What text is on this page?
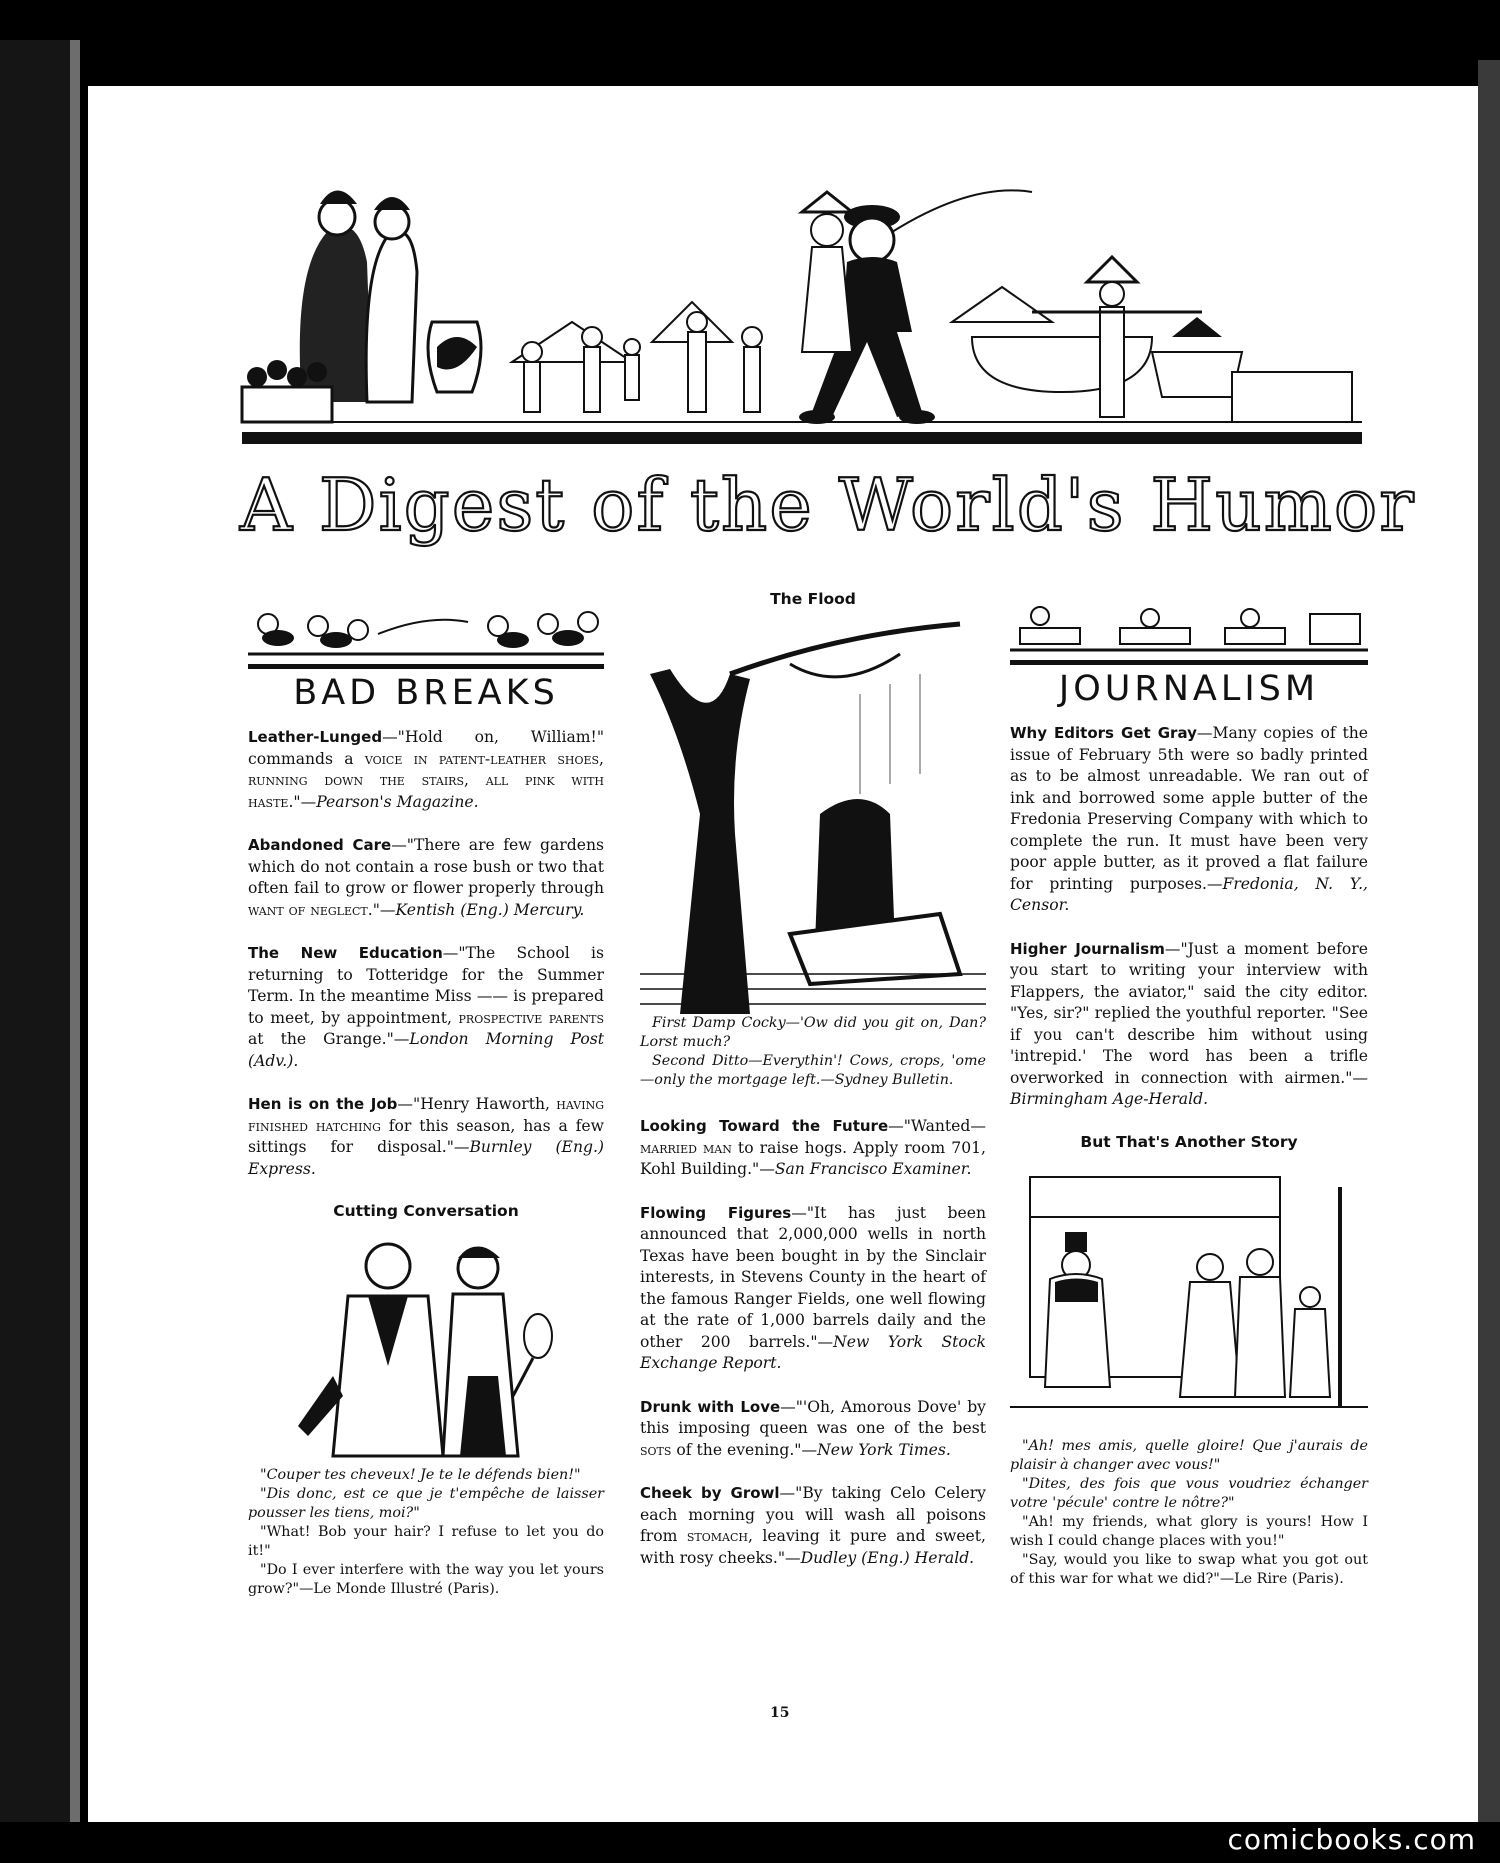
A Digest of the World's Humor
BAD BREAKS

Leather-Lunged—"Hold on, William!" commands a voice in patent-leather shoes, running down the stairs, all pink with haste."—Pearson's Magazine.

Abandoned Care—"There are few gardens which do not contain a rose bush or two that often fail to grow or flower properly through want of neglect."—Kentish (Eng.) Mercury.

The New Education—"The School is returning to Totteridge for the Summer Term. In the meantime Miss —— is prepared to meet, by appointment, prospective parents at the Grange."—London Morning Post (Adv.).

Hen is on the Job—"Henry Haworth, having finished hatching for this season, has a few sittings for disposal."—Burnley (Eng.) Express.

Cutting Conversation

"Couper tes cheveux! Je te le défends bien!"

"Dis donc, est ce que je t'empêche de laisser pousser les tiens, moi?"

"What! Bob your hair? I refuse to let you do it!"

"Do I ever interfere with the way you let yours grow?"—Le Monde Illustré (Paris).

The Flood

First Damp Cocky—'Ow did you git on, Dan? Lorst much?

Second Ditto—Everythin'! Cows, crops, 'ome—only the mortgage left.—Sydney Bulletin.

Looking Toward the Future—"Wanted—married man to raise hogs. Apply room 701, Kohl Building."—San Francisco Examiner.

Flowing Figures—"It has just been announced that 2,000,000 wells in north Texas have been bought in by the Sinclair interests, in Stevens County in the heart of the famous Ranger Fields, one well flowing at the rate of 1,000 barrels daily and the other 200 barrels."—New York Stock Exchange Report.

Drunk with Love—"'Oh, Amorous Dove' by this imposing queen was one of the best sots of the evening."—New York Times.

Cheek by Growl—"By taking Celo Celery each morning you will wash all poisons from stomach, leaving it pure and sweet, with rosy cheeks."—Dudley (Eng.) Herald.

JOURNALISM

Why Editors Get Gray—Many copies of the issue of February 5th were so badly printed as to be almost unreadable. We ran out of ink and borrowed some apple butter of the Fredonia Preserving Company with which to complete the run. It must have been very poor apple butter, as it proved a flat failure for printing purposes.—Fredonia, N. Y., Censor.

Higher Journalism—"Just a moment before you start to writing your interview with Flappers, the aviator," said the city editor. "Yes, sir?" replied the youthful reporter. "See if you can't describe him without using 'intrepid.' The word has been a trifle overworked in connection with airmen."—Birmingham Age-Herald.

But That's Another Story

"Ah! mes amis, quelle gloire! Que j'aurais de plaisir à changer avec vous!"

"Dites, des fois que vous voudriez échanger votre 'pécule' contre le nôtre?"

"Ah! my friends, what glory is yours! How I wish I could change places with you!"

"Say, would you like to swap what you got out of this war for what we did?"—Le Rire (Paris).

15
comicbooks.com
